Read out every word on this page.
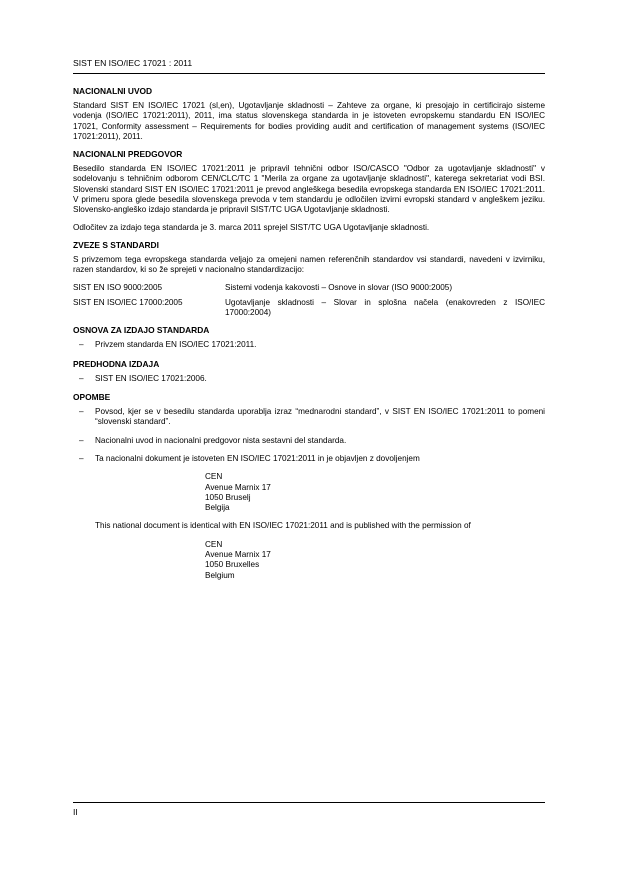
SIST EN ISO/IEC 17021 : 2011
NACIONALNI UVOD

Standard SIST EN ISO/IEC 17021 (sl,en), Ugotavljanje skladnosti – Zahteve za organe, ki presojajo in certificirajo sisteme vodenja (ISO/IEC 17021:2011), 2011, ima status slovenskega standarda in je istoveten evropskemu standardu EN ISO/IEC 17021, Conformity assessment – Requirements for bodies providing audit and certification of management systems (ISO/IEC 17021:2011), 2011.

NACIONALNI PREDGOVOR

Besedilo standarda EN ISO/IEC 17021:2011 je pripravil tehnični odbor ISO/CASCO "Odbor za ugotavljanje skladnosti" v sodelovanju s tehničnim odborom CEN/CLC/TC 1 "Merila za organe za ugotavljanje skladnosti", katerega sekretariat vodi BSI. Slovenski standard SIST EN ISO/IEC 17021:2011 je prevod angleškega besedila evropskega standarda EN ISO/IEC 17021:2011. V primeru spora glede besedila slovenskega prevoda v tem standardu je odločilen izvirni evropski standard v angleškem jeziku. Slovensko-angleško izdajo standarda je pripravil SIST/TC UGA Ugotavljanje skladnosti.

Odločitev za izdajo tega standarda je 3. marca 2011 sprejel SIST/TC UGA Ugotavljanje skladnosti.

ZVEZE S STANDARDI

S privzemom tega evropskega standarda veljajo za omejeni namen referenčnih standardov vsi standardi, navedeni v izvirniku, razen standardov, ki so že sprejeti v nacionalno standardizacijo:

SIST EN ISO 9000:2005	Sistemi vodenja kakovosti – Osnove in slovar (ISO 9000:2005)
SIST EN ISO/IEC 17000:2005	Ugotavljanje skladnosti – Slovar in splošna načela (enakovreden z ISO/IEC 17000:2004)
OSNOVA ZA IZDAJO STANDARDA
– Privzem standarda EN ISO/IEC 17021:2011.
PREDHODNA IZDAJA
– SIST EN ISO/IEC 17021:2006.
OPOMBE
– Povsod, kjer se v besedilu standarda uporablja izraz “mednarodni standard”, v SIST EN ISO/IEC 17021:2011 to pomeni “slovenski standard”.
– Nacionalni uvod in nacionalni predgovor nista sestavni del standarda.
– Ta nacionalni dokument je istoveten EN ISO/IEC 17021:2011 in je objavljen z dovoljenjem
CEN
Avenue Marnix 17
1050 Bruselj
Belgija
This national document is identical with EN ISO/IEC 17021:2011 and is published with the permission of
CEN
Avenue Marnix 17
1050 Bruxelles
Belgium
II
